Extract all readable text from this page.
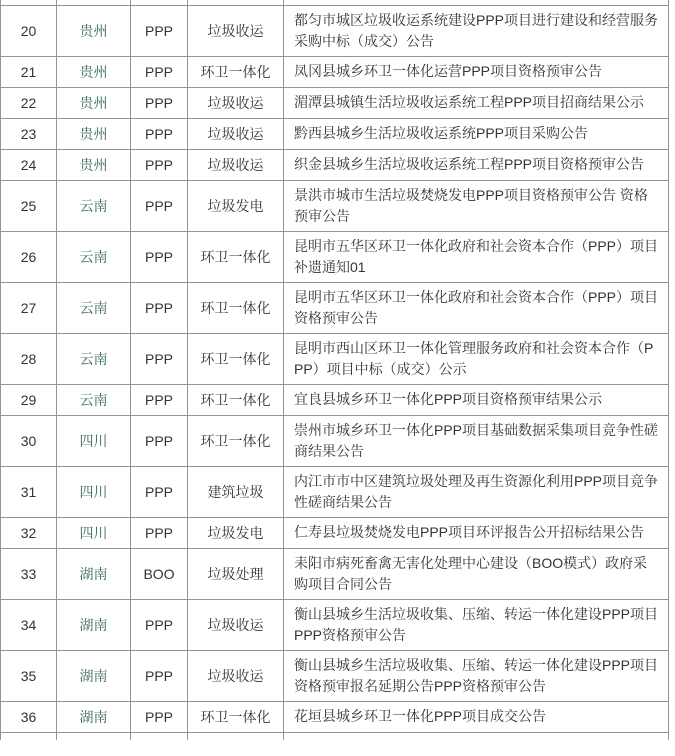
20	贵州	PPP	垃圾收运	都匀市城区垃圾收运系统建设PPP项目进行建设和经营服务采购中标（成交）公告
21	贵州	PPP	环卫一体化	凤冈县城乡环卫一体化运营PPP项目资格预审公告
22	贵州	PPP	垃圾收运	湄潭县城镇生活垃圾收运系统工程PPP项目招商结果公示
23	贵州	PPP	垃圾收运	黔西县城乡生活垃圾收运系统PPP项目采购公告
24	贵州	PPP	垃圾收运	织金县城乡生活垃圾收运系统工程PPP项目资格预审公告
25	云南	PPP	垃圾发电	景洪市城市生活垃圾焚烧发电PPP项目资格预审公告 资格预审公告
26	云南	PPP	环卫一体化	昆明市五华区环卫一体化政府和社会资本合作（PPP）项目补遗通知01
27	云南	PPP	环卫一体化	昆明市五华区环卫一体化政府和社会资本合作（PPP）项目资格预审公告
28	云南	PPP	环卫一体化	昆明市西山区环卫一体化管理服务政府和社会资本合作（PPP）项目中标（成交）公示
29	云南	PPP	环卫一体化	宜良县城乡环卫一体化PPP项目资格预审结果公示
30	四川	PPP	环卫一体化	崇州市城乡环卫一体化PPP项目基础数据采集项目竞争性磋商结果公告
31	四川	PPP	建筑垃圾	内江市市中区建筑垃圾处理及再生资源化利用PPP项目竞争性磋商结果公告
32	四川	PPP	垃圾发电	仁寿县垃圾焚烧发电PPP项目环评报告公开招标结果公告
33	湖南	BOO	垃圾处理	耒阳市病死畜禽无害化处理中心建设（BOO模式）政府采购项目合同公告
34	湖南	PPP	垃圾收运	衡山县城乡生活垃圾收集、压缩、转运一体化建设PPP项目PPP资格预审公告
35	湖南	PPP	垃圾收运	衡山县城乡生活垃圾收集、压缩、转运一体化建设PPP项目资格预审报名延期公告PPP资格预审公告
36	湖南	PPP	环卫一体化	花垣县城乡环卫一体化PPP项目成交公告
